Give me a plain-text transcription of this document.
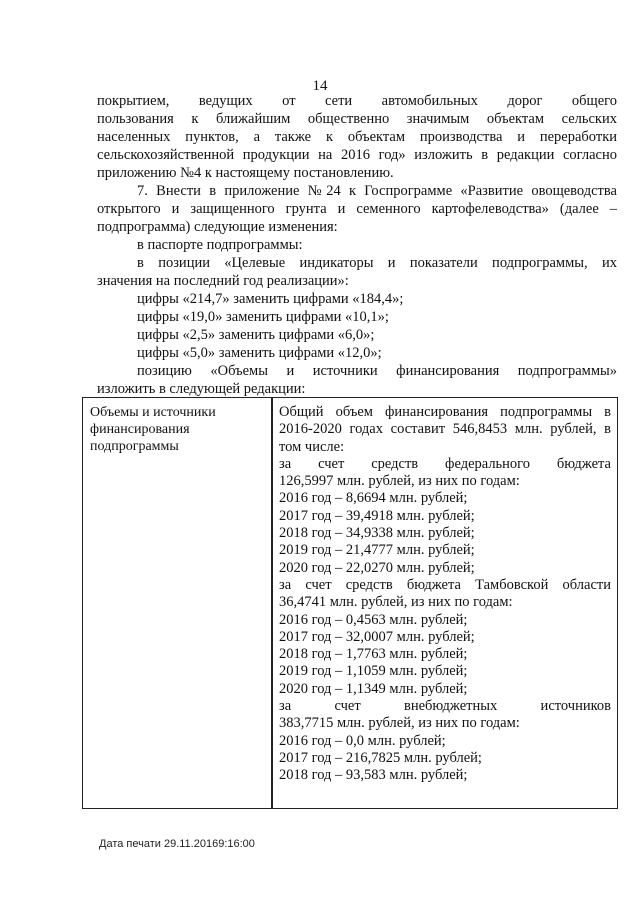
14

покрытием, ведущих от сети автомобильных дорог общего

пользования к ближайшим общественно значимым объектам сельских

населенных пунктов, а также к объектам производства и переработки

сельскохозяйственной продукции на 2016 год» изложить в редакции согласно

приложению №4 к настоящему постановлению.

7. Внести в приложение №24 к Госпрограмме «Развитие овощеводства

открытого и защищенного грунта и семенного картофелеводства» (далее –

подпрограмма) следующие изменения:

в паспорте подпрограммы:

в позиции «Целевые индикаторы и показатели подпрограммы, их

значения на последний год реализации»:

цифры «214,7» заменить цифрами «184,4»;

цифры «19,0» заменить цифрами «10,1»;

цифры «2,5» заменить цифрами «6,0»;

цифры «5,0» заменить цифрами «12,0»;

позицию «Объемы и источники финансирования подпрограммы»

изложить в следующей редакции:

Объемы и источники финансирования подпрограммы

Общий объем финансирования подпрограммы в

2016-2020 годах составит 546,8453 млн. рублей, в

том числе:

за счет средств федерального бюджета

126,5997 млн. рублей, из них по годам:

2016 год – 8,6694 млн. рублей;

2017 год – 39,4918 млн. рублей;

2018 год – 34,9338 млн. рублей;

2019 год – 21,4777 млн. рублей;

2020 год – 22,0270 млн. рублей;

за счет средств бюджета Тамбовской области

36,4741 млн. рублей, из них по годам:

2016 год – 0,4563 млн. рублей;

2017 год – 32,0007 млн. рублей;

2018 год – 1,7763 млн. рублей;

2019 год – 1,1059 млн. рублей;

2020 год – 1,1349 млн. рублей;

за счет внебюджетных источников

383,7715 млн. рублей, из них по годам:

2016 год – 0,0 млн. рублей;

2017 год – 216,7825 млн. рублей;

2018 год – 93,583 млн. рублей;

Дата печати 29.11.20169:16:00
